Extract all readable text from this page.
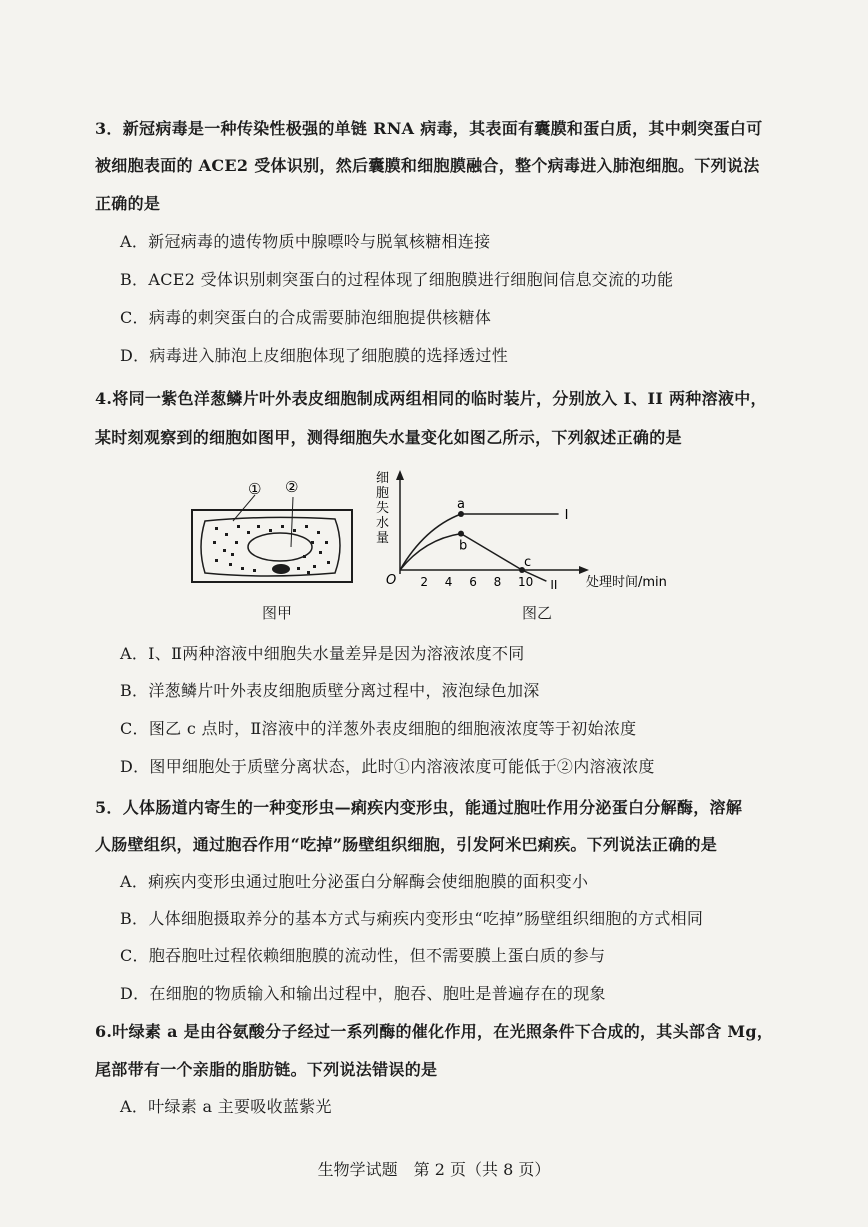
3．新冠病毒是一种传染性极强的单链 RNA 病毒，其表面有囊膜和蛋白质，其中刺突蛋白可
被细胞表面的 ACE2 受体识别，然后囊膜和细胞膜融合，整个病毒进入肺泡细胞。下列说法
正确的是
A．新冠病毒的遗传物质中腺嘌呤与脱氧核糖相连接
B．ACE2 受体识别刺突蛋白的过程体现了细胞膜进行细胞间信息交流的功能
C．病毒的刺突蛋白的合成需要肺泡细胞提供核糖体
D．病毒进入肺泡上皮细胞体现了细胞膜的选择透过性
4.将同一紫色洋葱鳞片叶外表皮细胞制成两组相同的临时装片，分别放入 I、II 两种溶液中，
某时刻观察到的细胞如图甲，测得细胞失水量变化如图乙所示，下列叙述正确的是
① ②
图甲
O	处理时间/min
细
胞
失
水
量
2 4 6 8 10
a
b
c
I
II
图乙
A．Ⅰ、Ⅱ两种溶液中细胞失水量差异是因为溶液浓度不同
B．洋葱鳞片叶外表皮细胞质壁分离过程中，液泡绿色加深
C．图乙 c 点时，Ⅱ溶液中的洋葱外表皮细胞的细胞液浓度等于初始浓度
D．图甲细胞处于质壁分离状态，此时①内溶液浓度可能低于②内溶液浓度
5．人体肠道内寄生的一种变形虫—痢疾内变形虫，能通过胞吐作用分泌蛋白分解酶，溶解
人肠壁组织，通过胞吞作用“吃掉”肠壁组织细胞，引发阿米巴痢疾。下列说法正确的是
A．痢疾内变形虫通过胞吐分泌蛋白分解酶会使细胞膜的面积变小
B．人体细胞摄取养分的基本方式与痢疾内变形虫“吃掉”肠壁组织细胞的方式相同
C．胞吞胞吐过程依赖细胞膜的流动性，但不需要膜上蛋白质的参与
D．在细胞的物质输入和输出过程中，胞吞、胞吐是普遍存在的现象
6.叶绿素 a 是由谷氨酸分子经过一系列酶的催化作用，在光照条件下合成的，其头部含 Mg，
尾部带有一个亲脂的脂肪链。下列说法错误的是
A．叶绿素 a 主要吸收蓝紫光
生物学试题　第 2 页（共 8 页）
